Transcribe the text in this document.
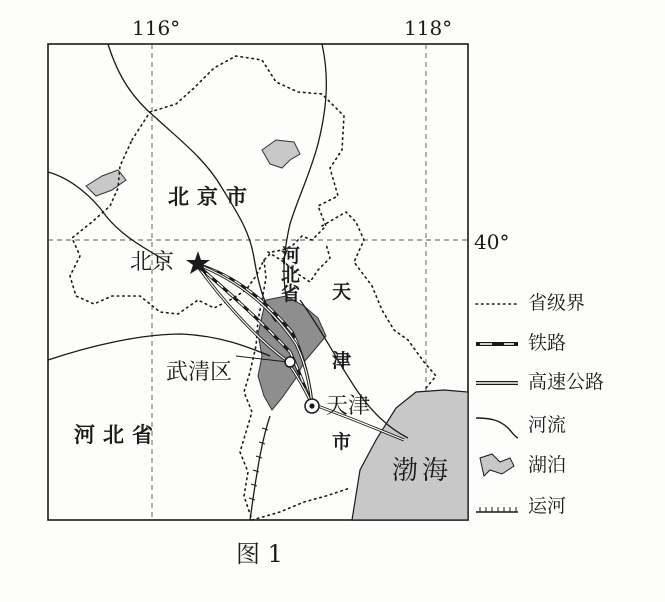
116°	118°
40°
北京市
河北省
河
北
省 天
津
市
北京
天津
武清区
渤 海
省级界
铁路
高速公路
河流
湖泊
运河
图 1
